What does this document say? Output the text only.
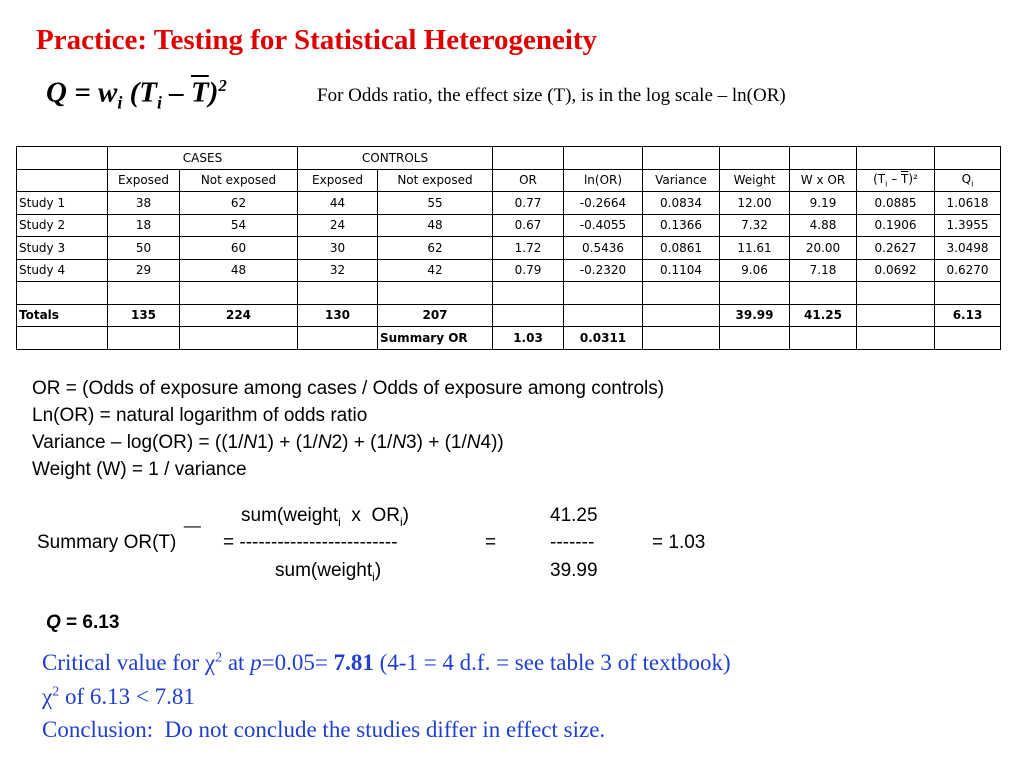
Practice: Testing for Statistical Heterogeneity
$Q = w_i$ $(T_i - \overline{T})^2$	For Odds ratio, the effect size (T), is in the log scale – ln(OR)
	CASES		CONTROLS								
	Exposed	Not exposed	Exposed	Not exposed	OR	ln(OR)	Variance	Weight	W x OR	$(T_i - \overline{T})^2$	$Q_i$
Study 1	38	62	44	55	0.77	-0.2664	0.0834	12.00	9.19	0.0885	1.0618
Study 2	18	54	24	48	0.67	-0.4055	0.1366	7.32	4.88	0.1906	1.3955
Study 3	50	60	30	62	1.72	0.5436	0.0861	11.61	20.00	0.2627	3.0498
Study 4	29	48	32	42	0.79	-0.2320	0.1104	9.06	7.18	0.0692	0.6270

Totals	135	224	130	207				39.99	41.25		6.13
				Summary OR	1.03	0.0311					
OR = (Odds of exposure among cases / Odds of exposure among controls)
Ln(OR) = natural logarithm of odds ratio
Variance – log(OR) = ((1/N1) + (1/N2) + (1/N3) + (1/N4))
Weight (W) = 1 / variance
_ sum(weight$_i$  x  $OR_i$)
Summary OR(T) = -------------------------
sum(weight$_i$)
=
41.25
-------
39.99
= 1.03
Q = 6.13
Critical value for $\chi^2$ at p=0.05= 7.81 (4-1 = 4 d.f. = see table 3 of textbook)
$\chi^2$ of 6.13 < 7.81
Conclusion:  Do not conclude the studies differ in effect size.
